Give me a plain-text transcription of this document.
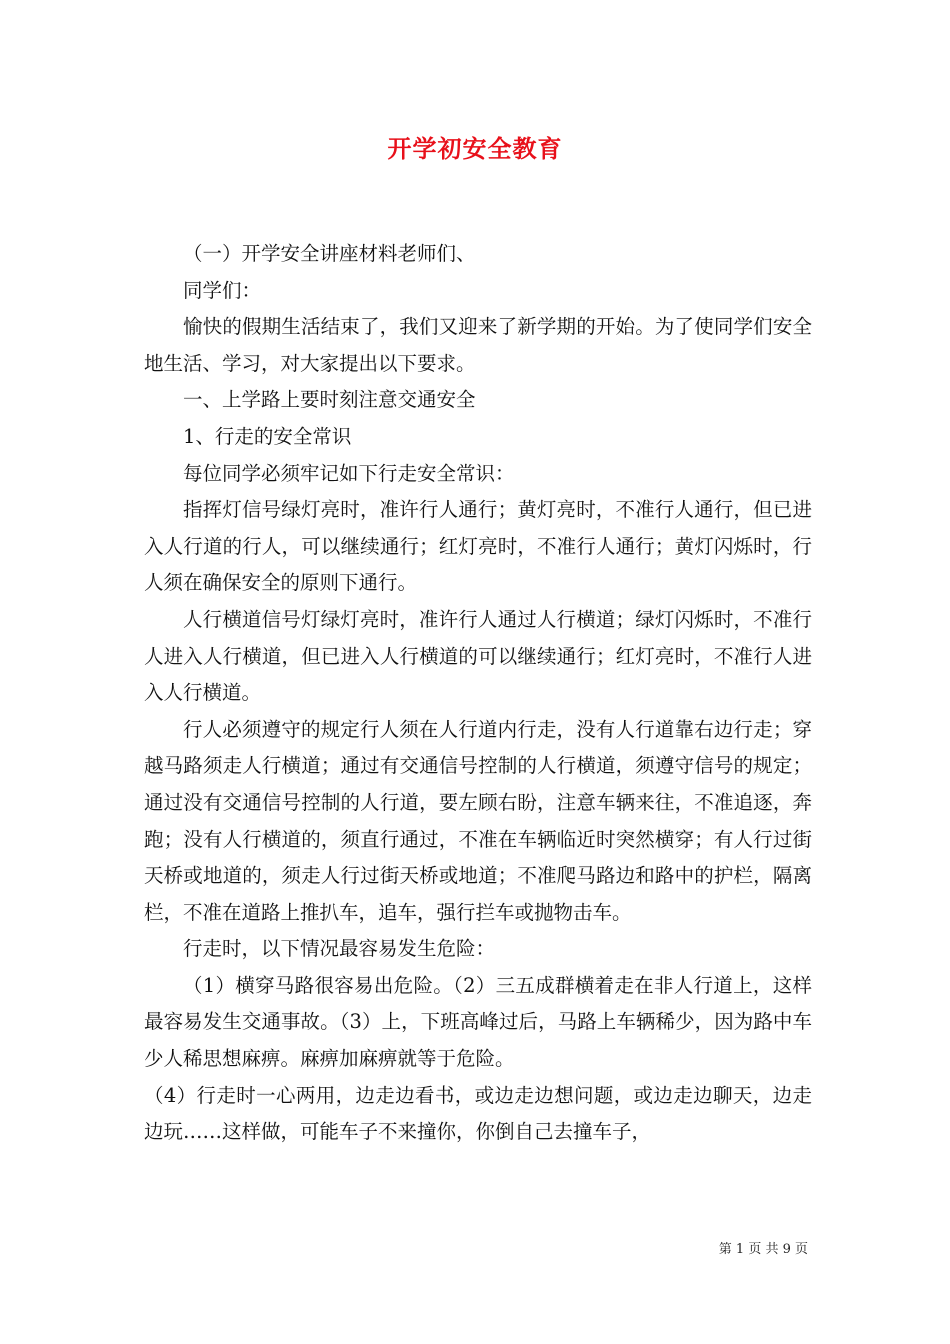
开学初安全教育

（一）开学安全讲座材料老师们、

同学们：

愉快的假期生活结束了，我们又迎来了新学期的开始。为了使同学们安全地生活、学习，对大家提出以下要求。

一、上学路上要时刻注意交通安全

1、行走的安全常识

每位同学必须牢记如下行走安全常识：

指挥灯信号绿灯亮时，准许行人通行；黄灯亮时，不准行人通行，但已进入人行道的行人，可以继续通行；红灯亮时，不准行人通行；黄灯闪烁时，行人须在确保安全的原则下通行。

人行横道信号灯绿灯亮时，准许行人通过人行横道；绿灯闪烁时，不准行人进入人行横道，但已进入人行横道的可以继续通行；红灯亮时，不准行人进入人行横道。

行人必须遵守的规定行人须在人行道内行走，没有人行道靠右边行走；穿越马路须走人行横道；通过有交通信号控制的人行横道，须遵守信号的规定；通过没有交通信号控制的人行道，要左顾右盼，注意车辆来往，不准追逐，奔跑；没有人行横道的，须直行通过，不准在车辆临近时突然横穿；有人行过街天桥或地道的，须走人行过街天桥或地道；不准爬马路边和路中的护栏，隔离栏，不准在道路上推扒车，追车，强行拦车或抛物击车。

行走时，以下情况最容易发生危险：

（1）横穿马路很容易出危险。（2）三五成群横着走在非人行道上，这样最容易发生交通事故。（3）上，下班高峰过后，马路上车辆稀少，因为路中车少人稀思想麻痹。麻痹加麻痹就等于危险。

（4）行走时一心两用，边走边看书，或边走边想问题，或边走边聊天，边走边玩……这样做，可能车子不来撞你，你倒自己去撞车子，

第 1 页 共 9 页
